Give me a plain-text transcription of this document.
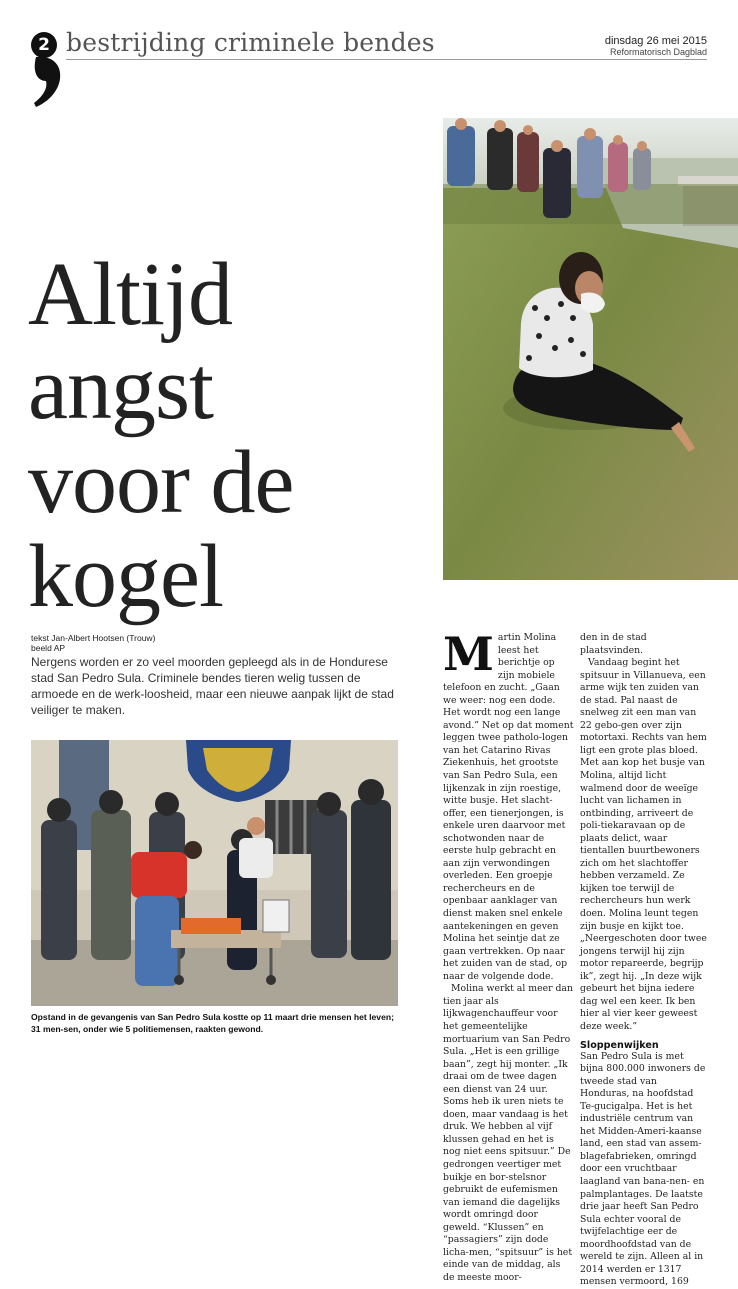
2 bestrijding criminele bendes	dinsdag 26 mei 2015
Reformatorisch Dagblad
Altijd
angst
voor de
kogel
tekst Jan-Albert Hootsen (Trouw)
beeld AP

Nergens worden er zo veel moorden gepleegd als in de Hondurese stad San Pedro Sula. Criminele bendes tieren welig tussen de armoede en de werk-loosheid, maar een nieuwe aanpak lijkt de stad veiliger te maken.

Opstand in de gevangenis van San Pedro Sula kostte op 11 maart drie mensen het leven; 31 men-sen, onder wie 5 politiemensen, raakten gewond.

Martin Molina leest het berichtje op zijn mobiele telefoon en zucht. „Gaan we weer: nog een dode. Het wordt nog een lange avond.” Net op dat moment leggen twee patholo-logen van het Catarino Rivas Ziekenhuis, het grootste van San Pedro Sula, een lijkenzak in zijn roestige, witte busje. Het slacht-offer, een tienerjongen, is enkele uren daarvoor met schotwonden naar de eerste hulp gebracht en aan zijn verwondingen overleden. Een groepje rechercheurs en de openbaar aanklager van dienst maken snel enkele aantekeningen en geven Molina het seintje dat ze gaan vertrekken. Op naar het zuiden van de stad, op naar de volgende dode.

Molina werkt al meer dan tien jaar als lijkwagenchauffeur voor het gemeentelijke mortuarium van San Pedro Sula. „Het is een grillige baan”, zegt hij monter. „Ik draai om de twee dagen een dienst van 24 uur. Soms heb ik uren niets te doen, maar vandaag is het druk. We hebben al vijf klussen gehad en het is nog niet eens spitsuur.” De gedrongen veertiger met buikje en bor-stelsnor gebruikt de eufemismen van iemand die dagelijks wordt omringd door geweld. “Klussen” en “passagiers” zijn dode licha-men, “spitsuur” is het einde van de middag, als de meeste moor-

den in de stad plaatsvinden.

Vandaag begint het spitsuur in Villanueva, een arme wijk ten zuiden van de stad. Pal naast de snelweg zit een man van 22 gebo-gen over zijn motortaxi. Rechts van hem ligt een grote plas bloed. Met aan kop het busje van Molina, altijd licht walmend door de weeïge lucht van lichamen in ontbinding, arriveert de poli-tiekaravaan op de plaats delict, waar tientallen buurtbewoners zich om het slachtoffer hebben verzameld. Ze kijken toe terwijl de rechercheurs hun werk doen. Molina leunt tegen zijn busje en kijkt toe. „Neergeschoten door twee jongens terwijl hij zijn motor repareerde, begrijp ik”, zegt hij. „In deze wijk gebeurt het bijna iedere dag wel een keer. Ik ben hier al vier keer geweest deze week.”

Sloppenwijken

San Pedro Sula is met bijna 800.000 inwoners de tweede stad van Honduras, na hoofdstad Te-gucigalpa. Het is het industriële centrum van het Midden-Ameri-kaanse land, een stad van assem-blagefabrieken, omringd door een vruchtbaar laagland van bana-nen- en palmplantages. De laatste drie jaar heeft San Pedro Sula echter vooral de twijfelachtige eer de moordhoofdstad van de wereld te zijn. Alleen al in 2014 werden er 1317 mensen vermoord, 169
